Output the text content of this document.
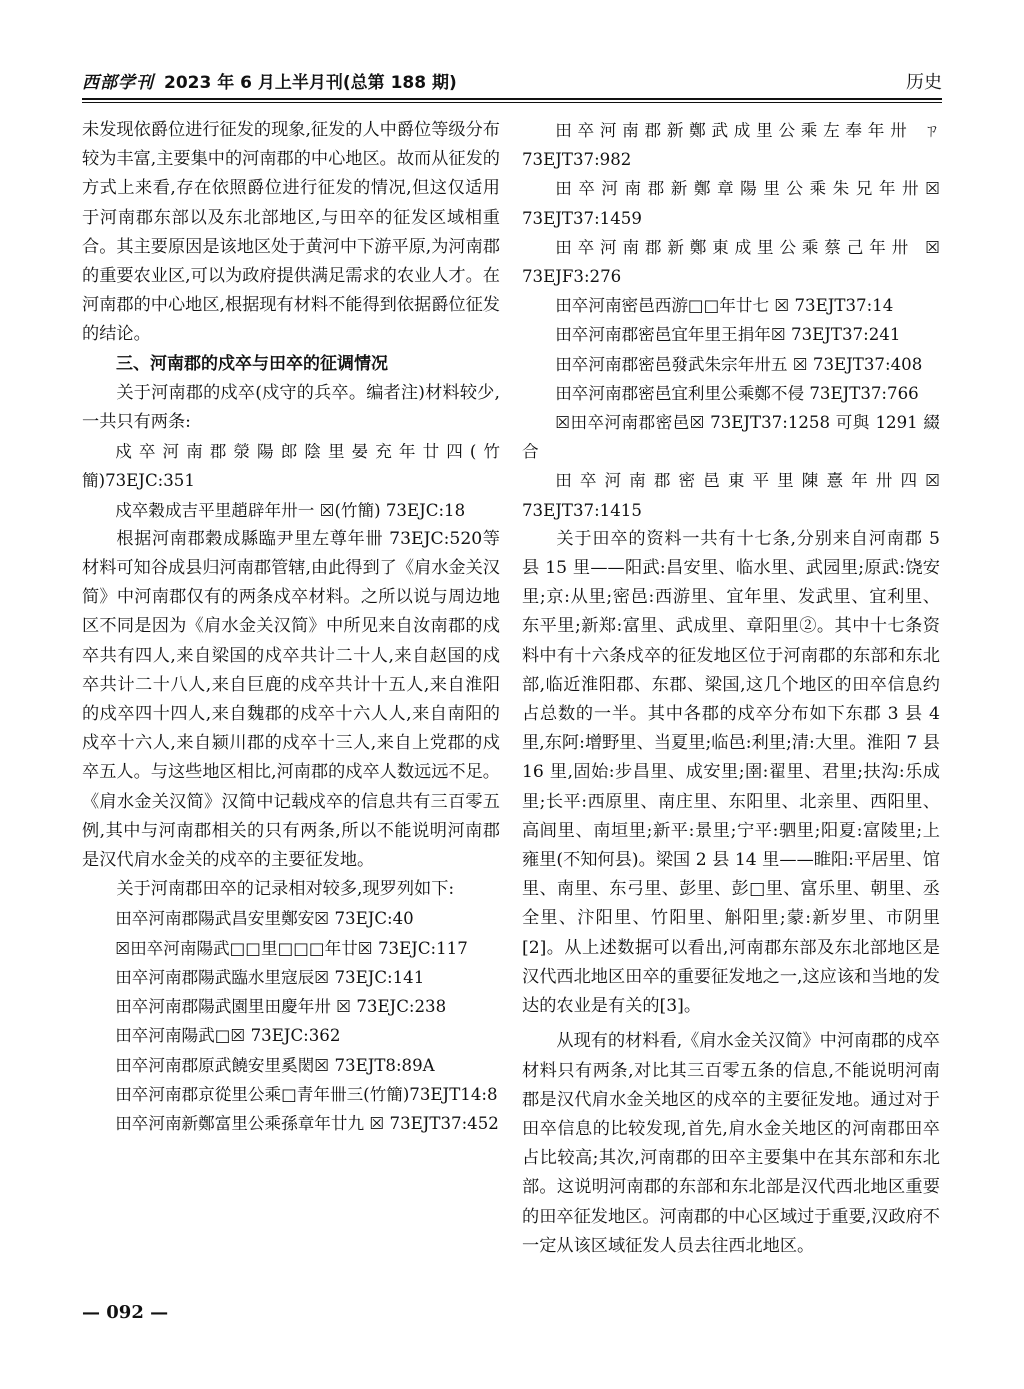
西部学刊 2023 年 6 月上半月刊(总第 188 期)	历史

未发现依爵位进行征发的现象,征发的人中爵位等级分布较为丰富,主要集中的河南郡的中心地区。故而从征发的方式上来看,存在依照爵位进行征发的情况,但这仅适用于河南郡东部以及东北部地区,与田卒的征发区域相重合。其主要原因是该地区处于黄河中下游平原,为河南郡的重要农业区,可以为政府提供满足需求的农业人才。在河南郡的中心地区,根据现有材料不能得到依据爵位征发的结论。

三、河南郡的戍卒与田卒的征调情况

关于河南郡的戍卒(戍守的兵卒。编者注)材料较少,一共只有两条:

戍卒河南郡滎陽郎陰里晏充年廿四(竹簡)73EJC:351

戍卒穀成吉平里趙辟年卅一 ☒(竹簡) 73EJC:18

根据河南郡穀成縣臨尹里左尊年卌 73EJC:520等材料可知谷成县归河南郡管辖,由此得到了《肩水金关汉简》中河南郡仅有的两条戍卒材料。之所以说与周边地区不同是因为《肩水金关汉简》中所见来自汝南郡的戍卒共有四人,来自梁国的戍卒共计二十人,来自赵国的戍卒共计二十八人,来自巨鹿的戍卒共计十五人,来自淮阳的戍卒四十四人,来自魏郡的戍卒十六人人,来自南阳的戍卒十六人,来自颍川郡的戍卒十三人,来自上党郡的戍卒五人。与这些地区相比,河南郡的戍卒人数远远不足。《肩水金关汉简》汉简中记载戍卒的信息共有三百零五例,其中与河南郡相关的只有两条,所以不能说明河南郡是汉代肩水金关的戍卒的主要征发地。

关于河南郡田卒的记录相对较多,现罗列如下:

田卒河南郡陽武昌安里鄭安☒ 73EJC:40

☒田卒河南陽武□□里□□□年廿☒ 73EJC:117

田卒河南郡陽武臨水里寇辰☒ 73EJC:141

田卒河南郡陽武園里田慶年卅 ☒ 73EJC:238

田卒河南陽武□☒ 73EJC:362

田卒河南郡原武饒安里奚閎☒ 73EJT8:89A

田卒河南郡京從里公乘□青年卌三(竹簡)73EJT14:8

田卒河南新鄭富里公乘孫章年廿九 ☒ 73EJT37:452

田卒河南郡新鄭武成里公乘左奉年卅 ㄗ 73EJT37:982

田卒河南郡新鄭章陽里公乘朱兄年卅☒ 73EJT37:1459

田卒河南郡新鄭東成里公乘蔡己年卅 ☒ 73EJF3:276

田卒河南密邑西游□□年廿七 ☒ 73EJT37:14

田卒河南郡密邑宜年里王捐年☒ 73EJT37:241

田卒河南郡密邑發武朱宗年卅五 ☒ 73EJT37:408

田卒河南郡密邑宜利里公乘鄭不侵 73EJT37:766

☒田卒河南郡密邑☒ 73EJT37:1258 可與 1291 綴合

田卒河南郡密邑東平里陳憙年卅四☒ 73EJT37:1415

关于田卒的资料一共有十七条,分别来自河南郡 5 县 15 里——阳武:昌安里、临水里、武园里;原武:饶安里;京:从里;密邑:西游里、宜年里、发武里、宜利里、东平里;新郑:富里、武成里、章阳里②。其中十七条资料中有十六条戍卒的征发地区位于河南郡的东部和东北部,临近淮阳郡、东郡、梁国,这几个地区的田卒信息约占总数的一半。其中各郡的戍卒分布如下东郡 3 县 4 里,东阿:增野里、当夏里;临邑:利里;清:大里。淮阳 7 县 16 里,固始:步昌里、成安里;圉:翟里、君里;扶沟:乐成里;长平:西原里、南庄里、东阳里、北亲里、西阳里、高闾里、南垣里;新平:景里;宁平:驷里;阳夏:富陵里;上雍里(不知何县)。梁国 2 县 14 里——睢阳:平居里、馆里、南里、东弓里、彭里、彭□里、富乐里、朝里、丞全里、汴阳里、竹阳里、斛阳里;蒙:新岁里、市阴里[2]。从上述数据可以看出,河南郡东部及东北部地区是汉代西北地区田卒的重要征发地之一,这应该和当地的发达的农业是有关的[3]。

从现有的材料看,《肩水金关汉简》中河南郡的戍卒材料只有两条,对比其三百零五条的信息,不能说明河南郡是汉代肩水金关地区的戍卒的主要征发地。通过对于田卒信息的比较发现,首先,肩水金关地区的河南郡田卒占比较高;其次,河南郡的田卒主要集中在其东部和东北部。这说明河南郡的东部和东北部是汉代西北地区重要的田卒征发地区。河南郡的中心区域过于重要,汉政府不一定从该区域征发人员去往西北地区。

— 092 —
